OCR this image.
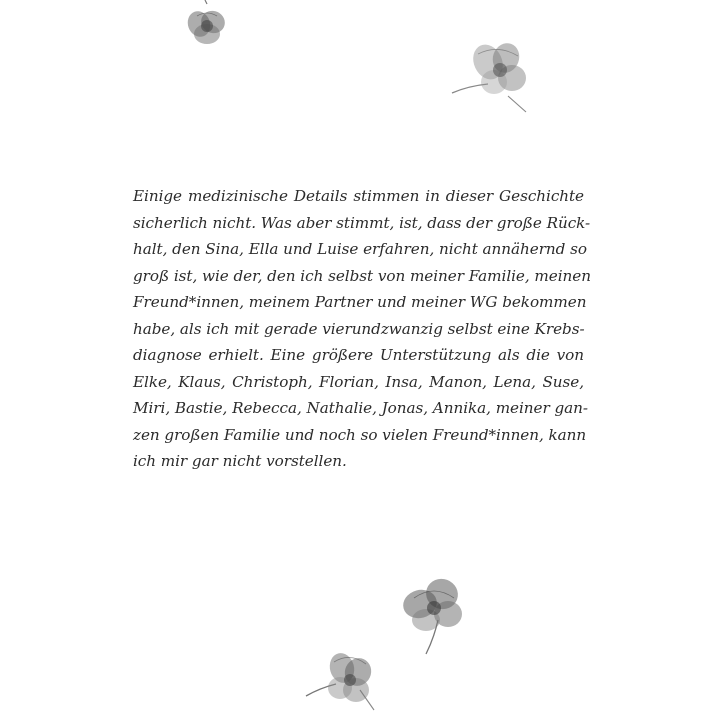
Einige medizinische Details stimmen in dieser Geschichte
sicherlich nicht. Was aber stimmt, ist, dass der große Rück-
halt, den Sina, Ella und Luise erfahren, nicht annähernd so
groß ist, wie der, den ich selbst von meiner Familie, meinen
Freund*innen, meinem Partner und meiner WG bekommen
habe, als ich mit gerade vierundzwanzig selbst eine Krebs-
diagnose erhielt. Eine größere Unterstützung als die von
Elke, Klaus, Christoph, Florian, Insa, Manon, Lena, Suse,
Miri, Bastie, Rebecca, Nathalie, Jonas, Annika, meiner gan-
zen großen Familie und noch so vielen Freund*innen, kann
ich mir gar nicht vorstellen.
